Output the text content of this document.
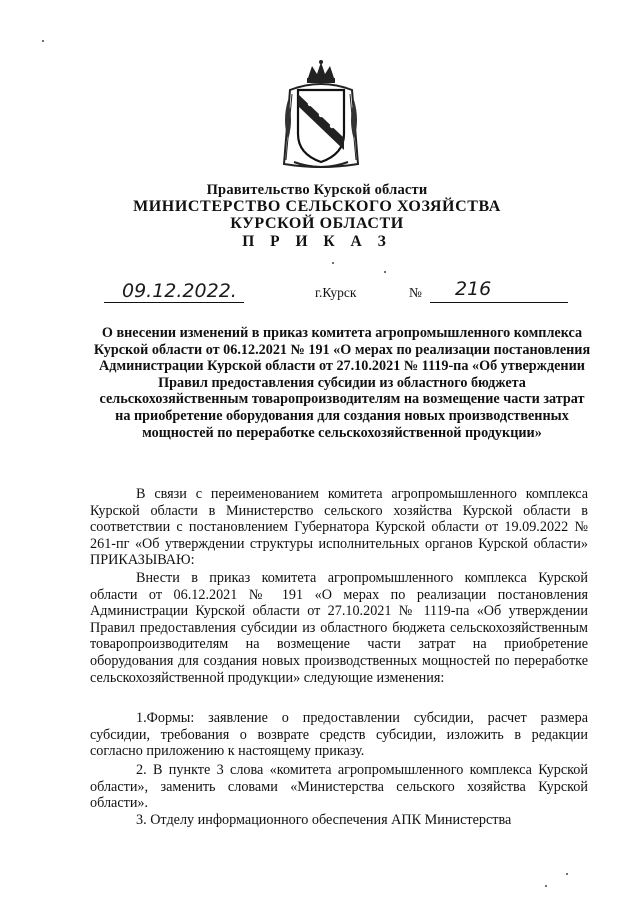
Правительство Курской области
МИНИСТЕРСТВО СЕЛЬСКОГО ХОЗЯЙСТВА
КУРСКОЙ ОБЛАСТИ
П Р И К А З
09.12.2022.	г.Курск	№ 216
О внесении изменений в приказ комитета агропромышленного комплекса Курской области от 06.12.2021 № 191 «О мерах по реализации постановления Администрации Курской области от 27.10.2021 № 1119-па «Об утверждении Правил предоставления субсидии из областного бюджета сельскохозяйственным товаропроизводителям на возмещение части затрат на приобретение оборудования для создания новых производственных мощностей по переработке сельскохозяйственной продукции»
В связи с переименованием комитета агропромышленного комплекса Курской области в Министерство сельского хозяйства Курской области в соответствии с постановлением Губернатора Курской области от 19.09.2022 № 261-пг «Об утверждении структуры исполнительных органов Курской области» ПРИКАЗЫВАЮ:
Внести в приказ комитета агропромышленного комплекса Курской области от 06.12.2021 № 191 «О мерах по реализации постановления Администрации Курской области от 27.10.2021 № 1119-па «Об утверждении Правил предоставления субсидии из областного бюджета сельскохозяйственным товаропроизводителям на возмещение части затрат на приобретение оборудования для создания новых производственных мощностей по переработке сельскохозяйственной продукции» следующие изменения:
1.Формы: заявление о предоставлении субсидии, расчет размера субсидии, требования о возврате средств субсидии, изложить в редакции согласно приложению к настоящему приказу.
2. В пункте 3 слова «комитета агропромышленного комплекса Курской области», заменить словами «Министерства сельского хозяйства Курской области».
3. Отделу информационного обеспечения АПК Министерства
